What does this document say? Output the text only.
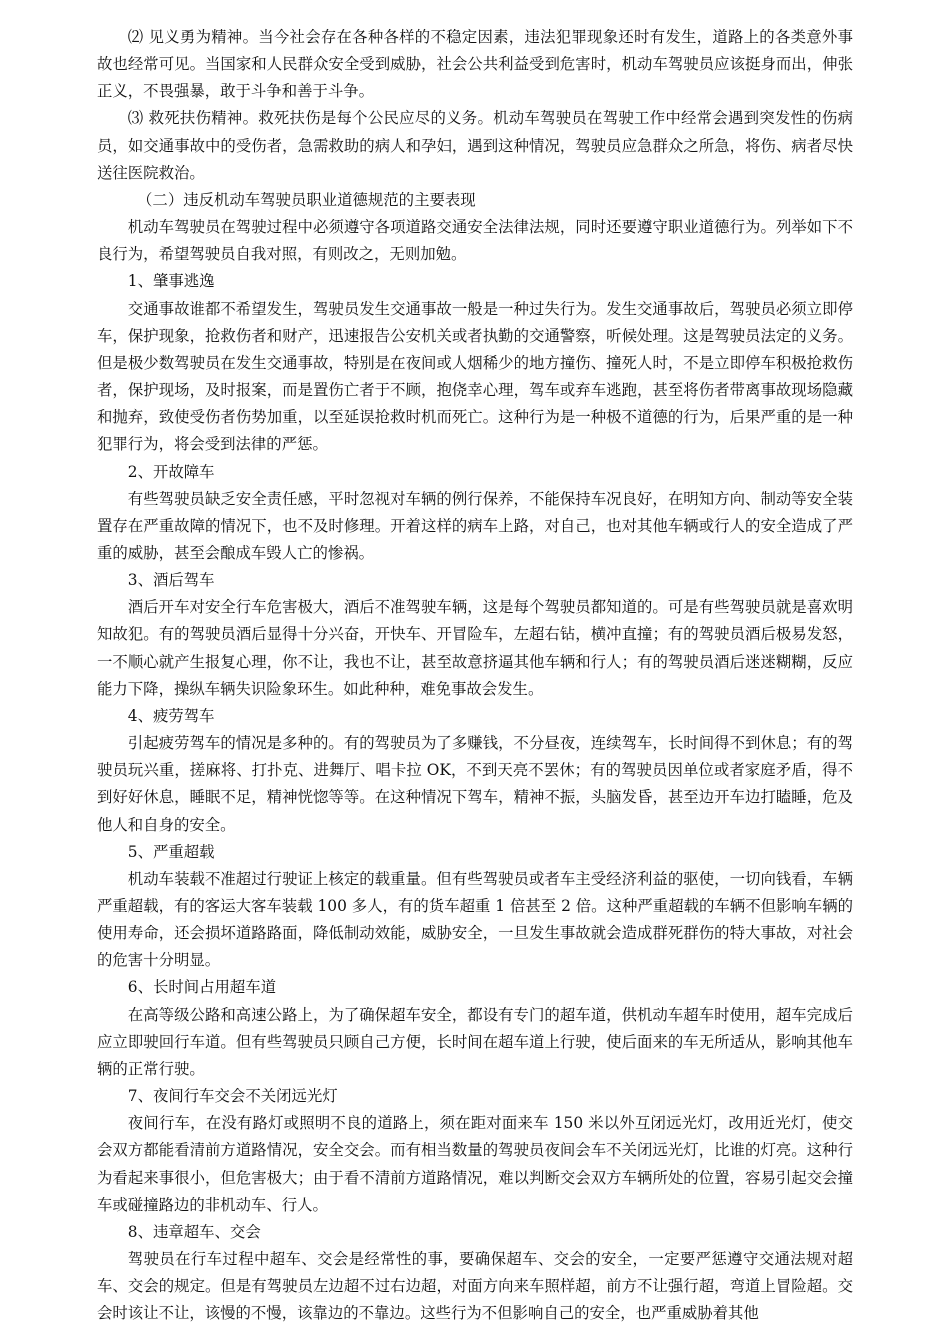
⑵ 见义勇为精神。当今社会存在各种各样的不稳定因素，违法犯罪现象还时有发生，道路上的各类意外事故也经常可见。当国家和人民群众安全受到威胁，社会公共利益受到危害时，机动车驾驶员应该挺身而出，伸张正义，不畏强暴，敢于斗争和善于斗争。

⑶ 救死扶伤精神。救死扶伤是每个公民应尽的义务。机动车驾驶员在驾驶工作中经常会遇到突发性的伤病员，如交通事故中的受伤者，急需救助的病人和孕妇，遇到这种情况，驾驶员应急群众之所急，将伤、病者尽快送往医院救治。

（二）违反机动车驾驶员职业道德规范的主要表现

机动车驾驶员在驾驶过程中必须遵守各项道路交通安全法律法规，同时还要遵守职业道德行为。列举如下不良行为，希望驾驶员自我对照，有则改之，无则加勉。

1、肇事逃逸

交通事故谁都不希望发生，驾驶员发生交通事故一般是一种过失行为。发生交通事故后，驾驶员必须立即停车，保护现象，抢救伤者和财产，迅速报告公安机关或者执勤的交通警察，听候处理。这是驾驶员法定的义务。但是极少数驾驶员在发生交通事故，特别是在夜间或人烟稀少的地方撞伤、撞死人时，不是立即停车积极抢救伤者，保护现场，及时报案，而是置伤亡者于不顾，抱侥幸心理，驾车或弃车逃跑，甚至将伤者带离事故现场隐藏和抛弃，致使受伤者伤势加重，以至延误抢救时机而死亡。这种行为是一种极不道德的行为，后果严重的是一种犯罪行为，将会受到法律的严惩。

2、开故障车

有些驾驶员缺乏安全责任感，平时忽视对车辆的例行保养，不能保持车况良好，在明知方向、制动等安全装置存在严重故障的情况下，也不及时修理。开着这样的病车上路，对自己，也对其他车辆或行人的安全造成了严重的威胁，甚至会酿成车毁人亡的惨祸。

3、酒后驾车

酒后开车对安全行车危害极大，酒后不准驾驶车辆，这是每个驾驶员都知道的。可是有些驾驶员就是喜欢明知故犯。有的驾驶员酒后显得十分兴奋，开快车、开冒险车，左超右钻，横冲直撞；有的驾驶员酒后极易发怒，一不顺心就产生报复心理，你不让，我也不让，甚至故意挤逼其他车辆和行人；有的驾驶员酒后迷迷糊糊，反应能力下降，操纵车辆失识险象环生。如此种种，难免事故会发生。

4、疲劳驾车

引起疲劳驾车的情况是多种的。有的驾驶员为了多赚钱，不分昼夜，连续驾车，长时间得不到休息；有的驾驶员玩兴重，搓麻将、打扑克、进舞厅、唱卡拉 OK，不到天亮不罢休；有的驾驶员因单位或者家庭矛盾，得不到好好休息，睡眠不足，精神恍惚等等。在这种情况下驾车，精神不振，头脑发昏，甚至边开车边打瞌睡，危及他人和自身的安全。

5、严重超载

机动车装载不准超过行驶证上核定的载重量。但有些驾驶员或者车主受经济利益的驱使，一切向钱看，车辆严重超载，有的客运大客车装载 100 多人，有的货车超重 1 倍甚至 2 倍。这种严重超载的车辆不但影响车辆的使用寿命，还会损坏道路路面，降低制动效能，威胁安全，一旦发生事故就会造成群死群伤的特大事故，对社会的危害十分明显。

6、长时间占用超车道

在高等级公路和高速公路上，为了确保超车安全，都设有专门的超车道，供机动车超车时使用，超车完成后应立即驶回行车道。但有些驾驶员只顾自己方便，长时间在超车道上行驶，使后面来的车无所适从，影响其他车辆的正常行驶。

7、夜间行车交会不关闭远光灯

夜间行车，在没有路灯或照明不良的道路上，须在距对面来车 150 米以外互闭远光灯，改用近光灯，使交会双方都能看清前方道路情况，安全交会。而有相当数量的驾驶员夜间会车不关闭远光灯，比谁的灯亮。这种行为看起来事很小，但危害极大；由于看不清前方道路情况，难以判断交会双方车辆所处的位置，容易引起交会撞车或碰撞路边的非机动车、行人。

8、违章超车、交会

驾驶员在行车过程中超车、交会是经常性的事，要确保超车、交会的安全，一定要严惩遵守交通法规对超车、交会的规定。但是有驾驶员左边超不过右边超，对面方向来车照样超，前方不让强行超，弯道上冒险超。交会时该让不让，该慢的不慢，该靠边的不靠边。这些行为不但影响自己的安全，也严重威胁着其他
